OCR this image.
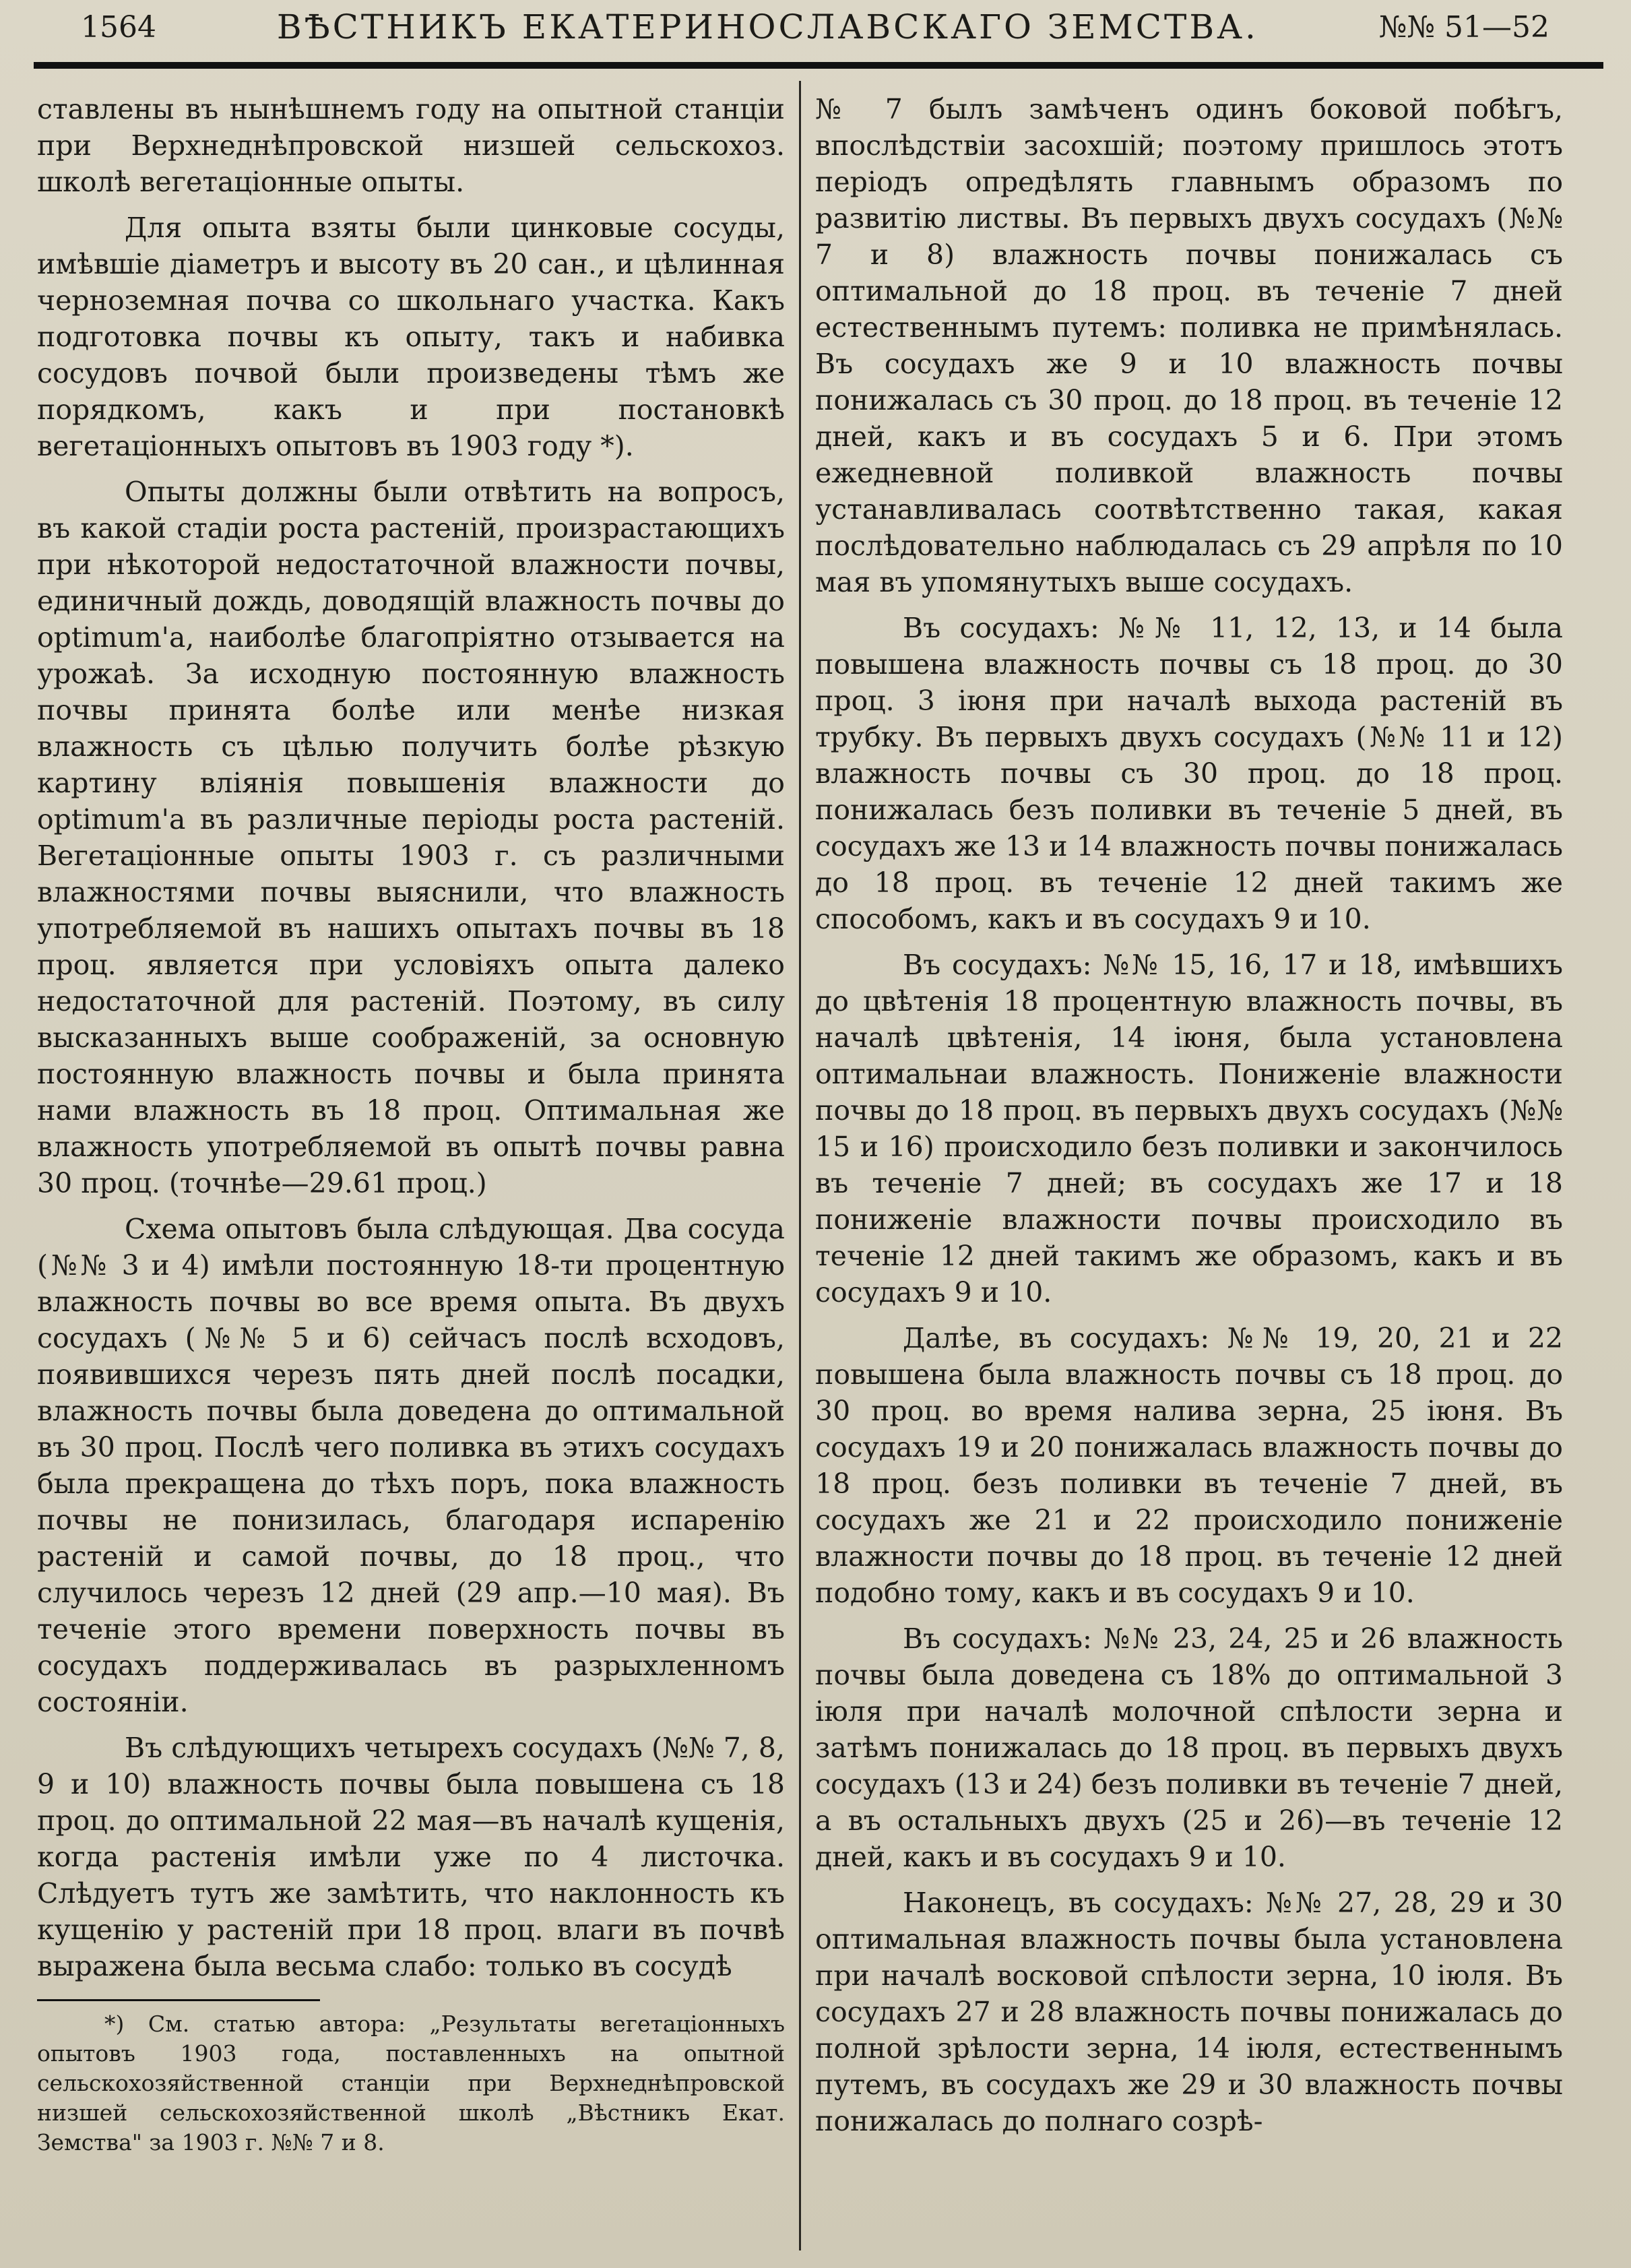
1564	ВѢСТНИКЪ ЕКАТЕРИНОСЛАВСКАГО ЗЕМСТВА.	№№ 51—52

ставлены въ нынѣшнемъ году на опытной станціи при Верхнеднѣпровской низшей сельскохоз. школѣ вегетаціонные опыты.

Для опыта взяты были цинковые сосуды, имѣвшіе діаметръ и высоту въ 20 сан., и цѣлинная черноземная почва со школьнаго участка. Какъ подготовка почвы къ опыту, такъ и набивка сосудовъ почвой были произведены тѣмъ же порядкомъ, какъ и при постановкѣ вегетаціонныхъ опытовъ въ 1903 году *).

Опыты должны были отвѣтить на вопросъ, въ какой стадіи роста растеній, произрастающихъ при нѣкоторой недостаточной влажности почвы, единичный дождь, доводящій влажность почвы до optimum'a, наиболѣе благопріятно отзывается на урожаѣ. За исходную постоянную влажность почвы принята болѣе или менѣе низкая влажность съ цѣлью получить болѣе рѣзкую картину вліянія повышенія влажности до optimum'a въ различные періоды роста растеній. Вегетаціонные опыты 1903 г. съ различными влажностями почвы выяснили, что влажность употребляемой въ нашихъ опытахъ почвы въ 18 проц. является при условіяхъ опыта далеко недостаточной для растеній. Поэтому, въ силу высказанныхъ выше соображеній, за основную постоянную влажность почвы и была принята нами влажность въ 18 проц. Оптимальная же влажность употребляемой въ опытѣ почвы равна 30 проц. (точнѣе—29.61 проц.)

Схема опытовъ была слѣдующая. Два сосуда (№№ 3 и 4) имѣли постоянную 18-ти процентную влажность почвы во все время опыта. Въ двухъ сосудахъ (№№ 5 и 6) сейчасъ послѣ всходовъ, появившихся черезъ пять дней послѣ посадки, влажность почвы была доведена до оптимальной въ 30 проц. Послѣ чего поливка въ этихъ сосудахъ была прекращена до тѣхъ поръ, пока влажность почвы не понизилась, благодаря испаренію растеній и самой почвы, до 18 проц., что случилось черезъ 12 дней (29 апр.—10 мая). Въ теченіе этого времени поверхность почвы въ сосудахъ поддерживалась въ разрыхленномъ состояніи.

Въ слѣдующихъ четырехъ сосудахъ (№№ 7, 8, 9 и 10) влажность почвы была повышена съ 18 проц. до оптимальной 22 мая—въ началѣ кущенія, когда растенія имѣли уже по 4 листочка. Слѣдуетъ тутъ же замѣтить, что наклонность къ кущенію у растеній при 18 проц. влаги въ почвѣ выражена была весьма слабо: только въ сосудѣ

*) См. статью автора: „Результаты вегетаціонныхъ опытовъ 1903 года, поставленныхъ на опытной сельскохозяйственной станціи при Верхнеднѣпровской низшей сельскохозяйственной школѣ „Вѣстникъ Екат. Земства" за 1903 г. №№ 7 и 8.

№ 7 былъ замѣченъ одинъ боковой побѣгъ, впослѣдствіи засохшій; поэтому пришлось этотъ періодъ опредѣлять главнымъ образомъ по развитію листвы. Въ первыхъ двухъ сосудахъ (№№ 7 и 8) влажность почвы понижалась съ оптимальной до 18 проц. въ теченіе 7 дней естественнымъ путемъ: поливка не примѣнялась. Въ сосудахъ же 9 и 10 влажность почвы понижалась съ 30 проц. до 18 проц. въ теченіе 12 дней, какъ и въ сосудахъ 5 и 6. При этомъ ежедневной поливкой влажность почвы устанавливалась соотвѣтственно такая, какая послѣдовательно наблюдалась съ 29 апрѣля по 10 мая въ упомянутыхъ выше сосудахъ.

Въ сосудахъ: №№ 11, 12, 13, и 14 была повышена влажность почвы съ 18 проц. до 30 проц. 3 іюня при началѣ выхода растеній въ трубку. Въ первыхъ двухъ сосудахъ (№№ 11 и 12) влажность почвы съ 30 проц. до 18 проц. понижалась безъ поливки въ теченіе 5 дней, въ сосудахъ же 13 и 14 влажность почвы понижалась до 18 проц. въ теченіе 12 дней такимъ же способомъ, какъ и въ сосудахъ 9 и 10.

Въ сосудахъ: №№ 15, 16, 17 и 18, имѣвшихъ до цвѣтенія 18 процентную влажность почвы, въ началѣ цвѣтенія, 14 іюня, была установлена оптимальнаи влажность. Пониженіе влажности почвы до 18 проц. въ первыхъ двухъ сосудахъ (№№ 15 и 16) происходило безъ поливки и закончилось въ теченіе 7 дней; въ сосудахъ же 17 и 18 пониженіе влажности почвы происходило въ теченіе 12 дней такимъ же образомъ, какъ и въ сосудахъ 9 и 10.

Далѣе, въ сосудахъ: №№ 19, 20, 21 и 22 повышена была влажность почвы съ 18 проц. до 30 проц. во время налива зерна, 25 іюня. Въ сосудахъ 19 и 20 понижалась влажность почвы до 18 проц. безъ поливки въ теченіе 7 дней, въ сосудахъ же 21 и 22 происходило пониженіе влажности почвы до 18 проц. въ теченіе 12 дней подобно тому, какъ и въ сосудахъ 9 и 10.

Въ сосудахъ: №№ 23, 24, 25 и 26 влажность почвы была доведена съ 18% до оптимальной 3 іюля при началѣ молочной спѣлости зерна и затѣмъ понижалась до 18 проц. въ первыхъ двухъ сосудахъ (13 и 24) безъ поливки въ теченіе 7 дней, а въ остальныхъ двухъ (25 и 26)—въ теченіе 12 дней, какъ и въ сосудахъ 9 и 10.

Наконецъ, въ сосудахъ: №№ 27, 28, 29 и 30 оптимальная влажность почвы была установлена при началѣ восковой спѣлости зерна, 10 іюля. Въ сосудахъ 27 и 28 влажность почвы понижалась до полной зрѣлости зерна, 14 іюля, естественнымъ путемъ, въ сосудахъ же 29 и 30 влажность почвы понижалась до полнаго созрѣ-
